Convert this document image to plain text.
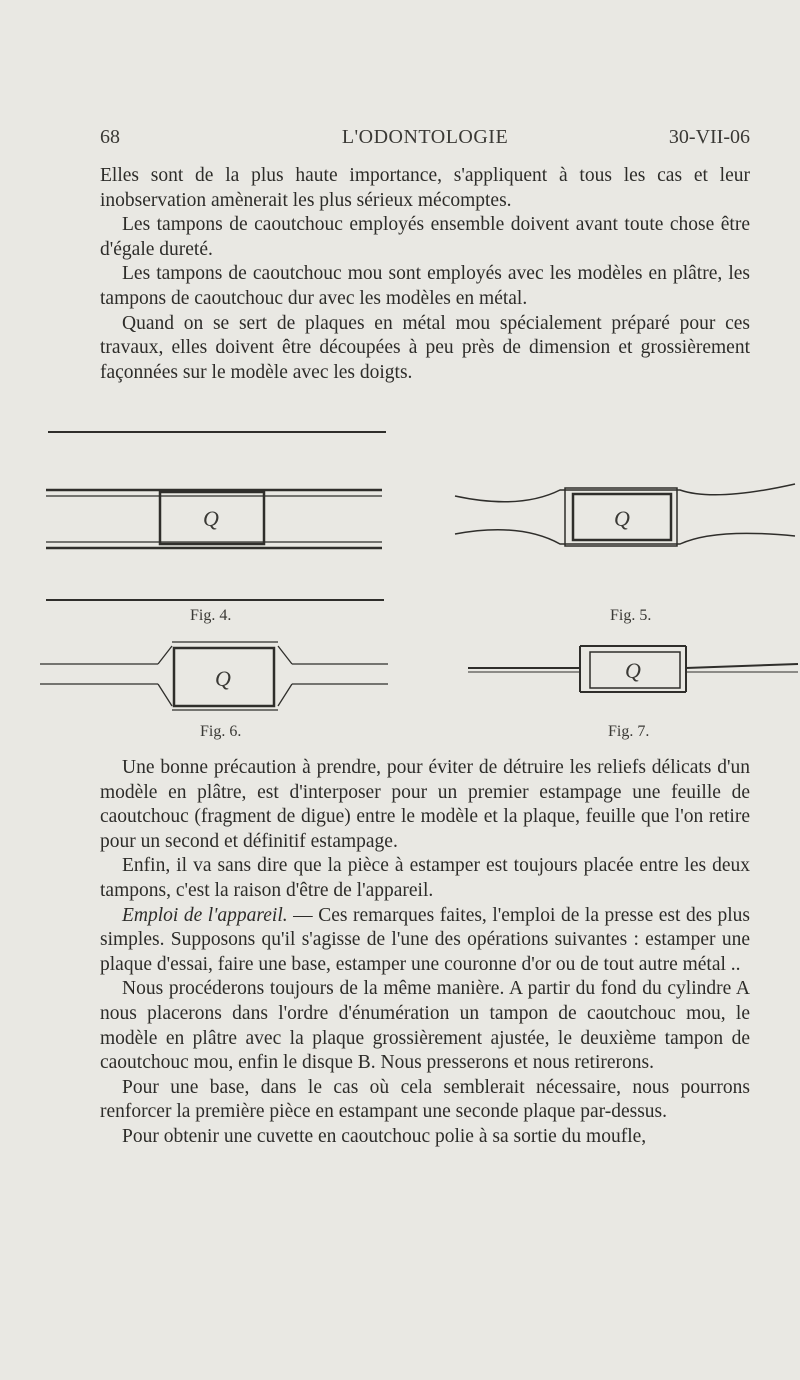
68	L'ODONTOLOGIE	30-VII-06

Elles sont de la plus haute importance, s'appliquent à tous les cas et leur inobservation amènerait les plus sérieux mécomptes.

Les tampons de caoutchouc employés ensemble doivent avant toute chose être d'égale dureté.

Les tampons de caoutchouc mou sont employés avec les modèles en plâtre, les tampons de caoutchouc dur avec les modèles en métal.

Quand on se sert de plaques en métal mou spécialement préparé pour ces travaux, elles doivent être découpées à peu près de dimension et grossièrement façonnées sur le modèle avec les doigts.

Q	Q
Q	Q
Fig. 4.	Fig. 5.
Fig. 6.	Fig. 7.

Une bonne précaution à prendre, pour éviter de détruire les reliefs délicats d'un modèle en plâtre, est d'interposer pour un premier estampage une feuille de caoutchouc (fragment de digue) entre le modèle et la plaque, feuille que l'on retire pour un second et définitif estampage.

Enfin, il va sans dire que la pièce à estamper est toujours placée entre les deux tampons, c'est la raison d'être de l'appareil.

Emploi de l'appareil. — Ces remarques faites, l'emploi de la presse est des plus simples. Supposons qu'il s'agisse de l'une des opérations suivantes : estamper une plaque d'essai, faire une base, estamper une couronne d'or ou de tout autre métal ..

Nous procéderons toujours de la même manière. A partir du fond du cylindre A nous placerons dans l'ordre d'énumération un tampon de caoutchouc mou, le modèle en plâtre avec la plaque grossièrement ajustée, le deuxième tampon de caoutchouc mou, enfin le disque B. Nous presserons et nous retirerons.

Pour une base, dans le cas où cela semblerait nécessaire, nous pourrons renforcer la première pièce en estampant une seconde plaque par-dessus.

Pour obtenir une cuvette en caoutchouc polie à sa sortie du moufle,
